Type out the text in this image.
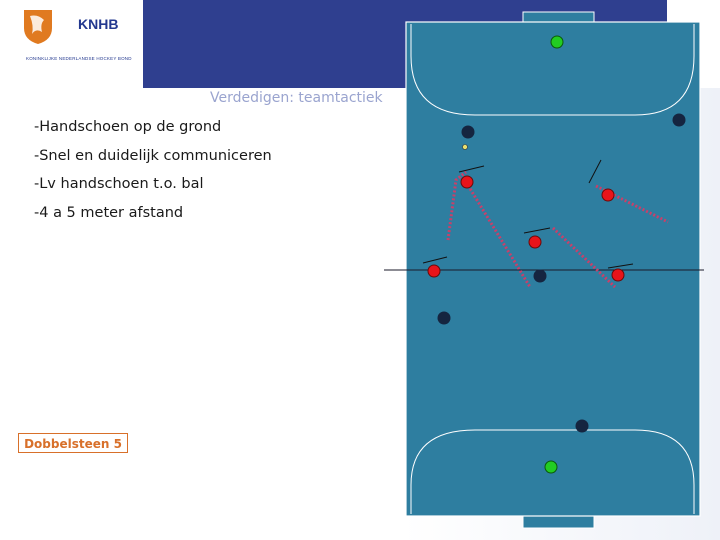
KNHB
KONINKLIJKE NEDERLANDSE HOCKEY BOND
Verdedigen: teamtactiek
-Handschoen op de grond
-Snel en duidelijk communiceren
-Lv handschoen t.o. bal
-4 a 5 meter afstand
Dobbelsteen 5
